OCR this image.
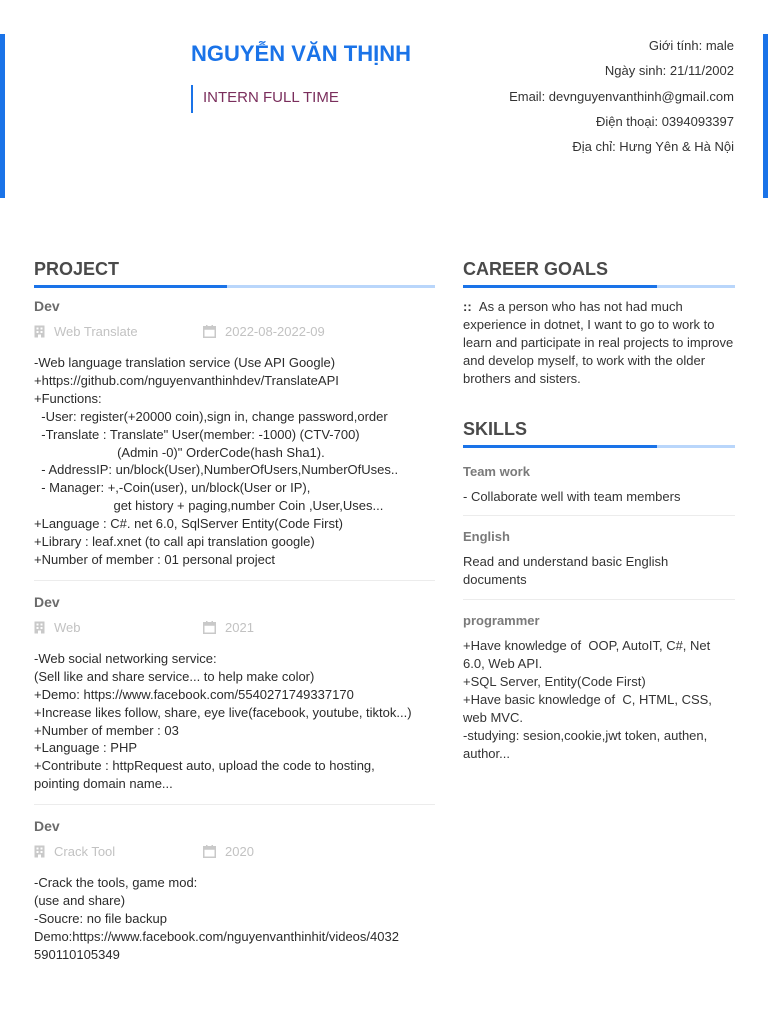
NGUYỄN VĂN THỊNH
INTERN FULL TIME
Giới tính: male
Ngày sinh: 21/11/2002
Email: devnguyenvanthinh@gmail.com
Điện thoại: 0394093397
Địa chỉ: Hưng Yên & Hà Nội
PROJECT
Dev
Web Translate	2022-08-2022-09
-Web language translation service (Use API Google)
+https://github.com/nguyenvanthinhdev/TranslateAPI
+Functions:
-User: register(+20000 coin),sign in, change password,order
-Translate : Translate" User(member: -1000) (CTV-700)
(Admin -0)" OrderCode(hash Sha1).
- AddressIP: un/block(User),NumberOfUsers,NumberOfUses..
- Manager: +,-Coin(user), un/block(User or IP),
get history + paging,number Coin ,User,Uses...
+Language : C#. net 6.0, SqlServer Entity(Code First)
+Library : leaf.xnet (to call api translation google)
+Number of member : 01 personal project
Dev
Web	2021
-Web social networking service:
(Sell like and share service... to help make color)
+Demo: https://www.facebook.com/5540271749337170
+Increase likes follow, share, eye live(facebook, youtube, tiktok...)
+Number of member : 03
+Language : PHP
+Contribute : httpRequest auto, upload the code to hosting,
pointing domain name...
Dev
Crack Tool	2020
-Crack the tools, game mod:
(use and share)
-Soucre: no file backup
Demo:https://www.facebook.com/nguyenvanthinhit/videos/4032
590110105349
CAREER GOALS
:: As a person who has not had much experience in dotnet, I want to go to work to learn and participate in real projects to improve and develop myself, to work with the older brothers and sisters.
SKILLS
Team work
- Collaborate well with team members
English
Read and understand basic English documents
programmer
+Have knowledge of  OOP, AutoIT, C#, Net 6.0, Web API.
+SQL Server, Entity(Code First)
+Have basic knowledge of  C, HTML, CSS, web MVC.
-studying: sesion,cookie,jwt token, authen, author...
